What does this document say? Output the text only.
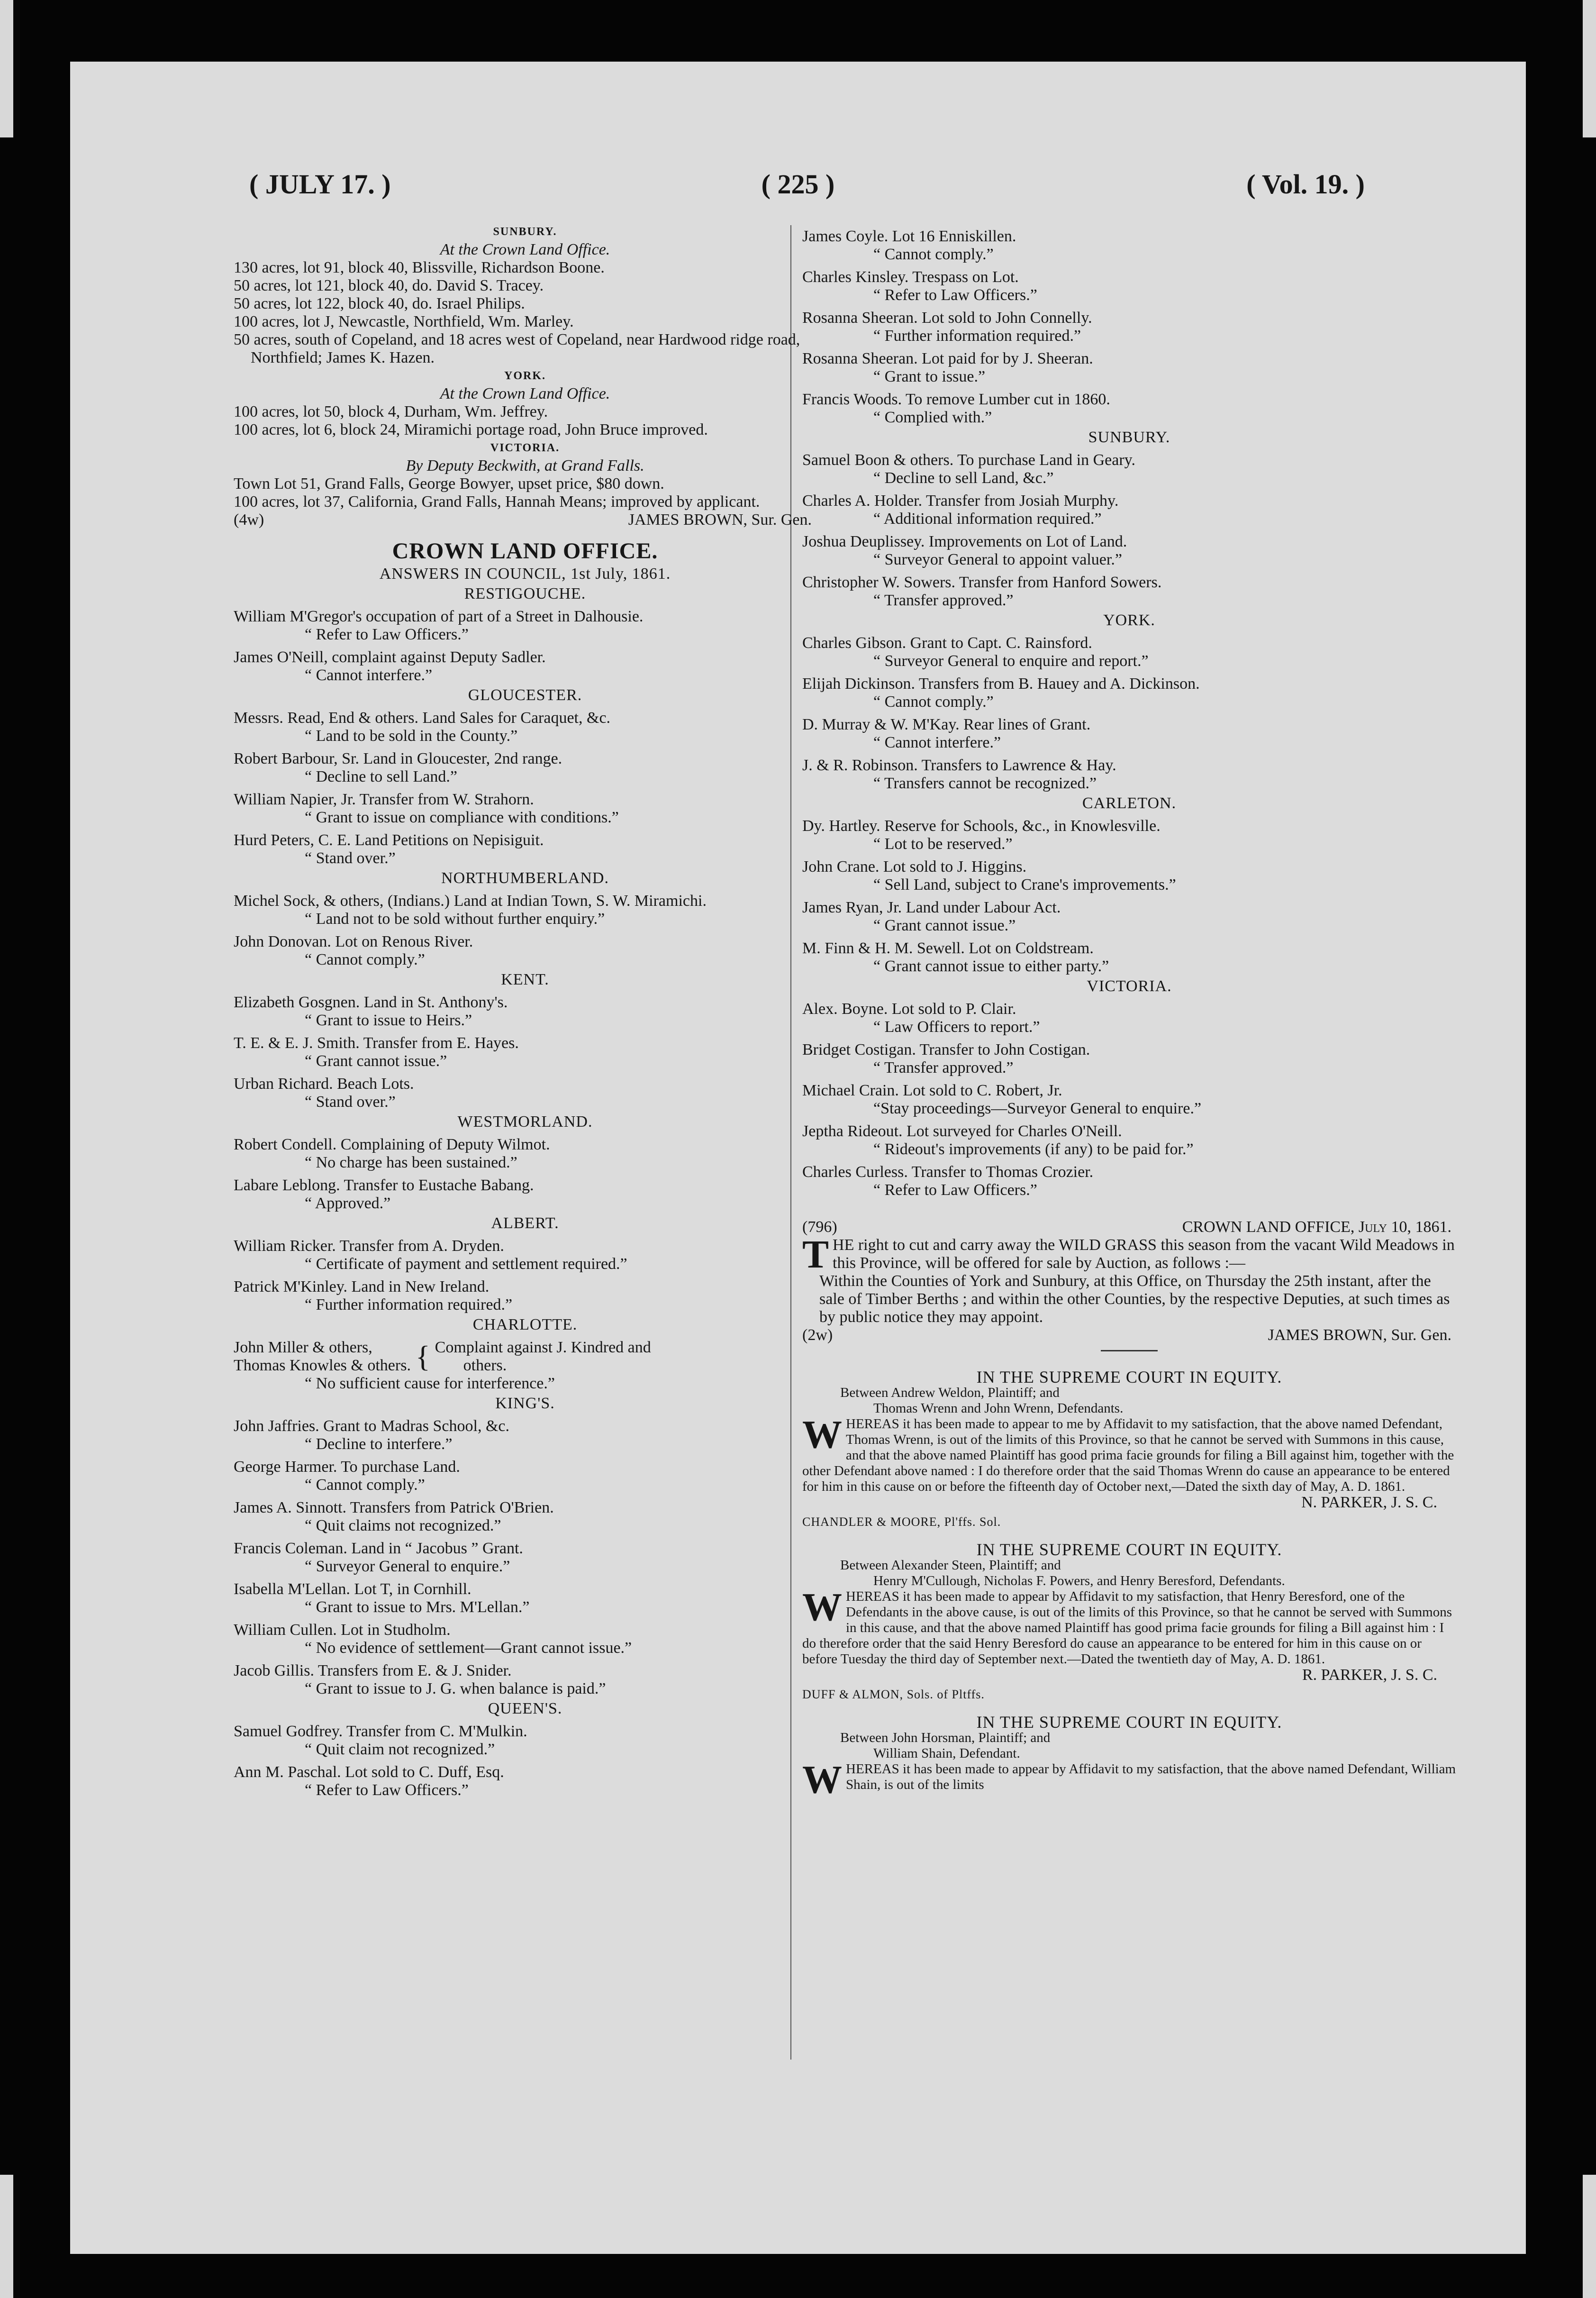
( JULY 17. )	( 225 )	( Vol. 19. )
SUNBURY.
At the Crown Land Office.
130 acres, lot 91, block 40, Blissville, Richardson Boone.
50 acres, lot 121, block 40, do. David S. Tracey.
50 acres, lot 122, block 40, do. Israel Philips.
100 acres, lot J, Newcastle, Northfield, Wm. Marley.
50 acres, south of Copeland, and 18 acres west of Copeland, near Hardwood ridge road, Northfield; James K. Hazen.
YORK.
At the Crown Land Office.
100 acres, lot 50, block 4, Durham, Wm. Jeffrey.
100 acres, lot 6, block 24, Miramichi portage road, John Bruce improved.
VICTORIA.
By Deputy Beckwith, at Grand Falls.
Town Lot 51, Grand Falls, George Bowyer, upset price, $80 down.
100 acres, lot 37, California, Grand Falls, Hannah Means; improved by applicant.
(4w)	JAMES BROWN, Sur. Gen.
CROWN LAND OFFICE.
ANSWERS IN COUNCIL, 1st July, 1861.
RESTIGOUCHE.
William M'Gregor's occupation of part of a Street in Dalhousie.
“ Refer to Law Officers.”
James O'Neill, complaint against Deputy Sadler.
“ Cannot interfere.”
GLOUCESTER.
Messrs. Read, End & others. Land Sales for Caraquet, &c.
“ Land to be sold in the County.”
Robert Barbour, Sr. Land in Gloucester, 2nd range.
“ Decline to sell Land.”
William Napier, Jr. Transfer from W. Strahorn.
“ Grant to issue on compliance with conditions.”
Hurd Peters, C. E. Land Petitions on Nepisiguit.
“ Stand over.”
NORTHUMBERLAND.
Michel Sock, & others, (Indians.) Land at Indian Town, S. W. Miramichi.
“ Land not to be sold without further enquiry.”
John Donovan. Lot on Renous River.
“ Cannot comply.”
KENT.
Elizabeth Gosgnen. Land in St. Anthony's.
“ Grant to issue to Heirs.”
T. E. & E. J. Smith. Transfer from E. Hayes.
“ Grant cannot issue.”
Urban Richard. Beach Lots.
“ Stand over.”
WESTMORLAND.
Robert Condell. Complaining of Deputy Wilmot.
“ No charge has been sustained.”
Labare Leblong. Transfer to Eustache Babang.
“ Approved.”
ALBERT.
William Ricker. Transfer from A. Dryden.
“ Certificate of payment and settlement required.”
Patrick M'Kinley. Land in New Ireland.
“ Further information required.”
CHARLOTTE.
John Miller & others,
Thomas Knowles & others. { Complaint against J. Kindred and
others.
“ No sufficient cause for interference.”
KING'S.
John Jaffries. Grant to Madras School, &c.
“ Decline to interfere.”
George Harmer. To purchase Land.
“ Cannot comply.”
James A. Sinnott. Transfers from Patrick O'Brien.
“ Quit claims not recognized.”
Francis Coleman. Land in “ Jacobus ” Grant.
“ Surveyor General to enquire.”
Isabella M'Lellan. Lot T, in Cornhill.
“ Grant to issue to Mrs. M'Lellan.”
William Cullen. Lot in Studholm.
“ No evidence of settlement—Grant cannot issue.”
Jacob Gillis. Transfers from E. & J. Snider.
“ Grant to issue to J. G. when balance is paid.”
QUEEN'S.
Samuel Godfrey. Transfer from C. M'Mulkin.
“ Quit claim not recognized.”
Ann M. Paschal. Lot sold to C. Duff, Esq.
“ Refer to Law Officers.”
James Coyle. Lot 16 Enniskillen.
“ Cannot comply.”
Charles Kinsley. Trespass on Lot.
“ Refer to Law Officers.”
Rosanna Sheeran. Lot sold to John Connelly.
“ Further information required.”
Rosanna Sheeran. Lot paid for by J. Sheeran.
“ Grant to issue.”
Francis Woods. To remove Lumber cut in 1860.
“ Complied with.”
SUNBURY.
Samuel Boon & others. To purchase Land in Geary.
“ Decline to sell Land, &c.”
Charles A. Holder. Transfer from Josiah Murphy.
“ Additional information required.”
Joshua Deuplissey. Improvements on Lot of Land.
“ Surveyor General to appoint valuer.”
Christopher W. Sowers. Transfer from Hanford Sowers.
“ Transfer approved.”
YORK.
Charles Gibson. Grant to Capt. C. Rainsford.
“ Surveyor General to enquire and report.”
Elijah Dickinson. Transfers from B. Hauey and A. Dickinson.
“ Cannot comply.”
D. Murray & W. M'Kay. Rear lines of Grant.
“ Cannot interfere.”
J. & R. Robinson. Transfers to Lawrence & Hay.
“ Transfers cannot be recognized.”
CARLETON.
Dy. Hartley. Reserve for Schools, &c., in Knowlesville.
“ Lot to be reserved.”
John Crane. Lot sold to J. Higgins.
“ Sell Land, subject to Crane's improvements.”
James Ryan, Jr. Land under Labour Act.
“ Grant cannot issue.”
M. Finn & H. M. Sewell. Lot on Coldstream.
“ Grant cannot issue to either party.”
VICTORIA.
Alex. Boyne. Lot sold to P. Clair.
“ Law Officers to report.”
Bridget Costigan. Transfer to John Costigan.
“ Transfer approved.”
Michael Crain. Lot sold to C. Robert, Jr.
“Stay proceedings—Surveyor General to enquire.”
Jeptha Rideout. Lot surveyed for Charles O'Neill.
“ Rideout's improvements (if any) to be paid for.”
Charles Curless. Transfer to Thomas Crozier.
“ Refer to Law Officers.”
(796)	CROWN LAND OFFICE, July 10, 1861.
T HE right to cut and carry away the WILD GRASS this season from the vacant Wild Meadows in this Province, will be offered for sale by Auction, as follows :—
Within the Counties of York and Sunbury, at this Office, on Thursday the 25th instant, after the sale of Timber Berths ; and within the other Counties, by the respective Deputies, at such times as by public notice they may appoint.
(2w)	JAMES BROWN, Sur. Gen.
IN THE SUPREME COURT IN EQUITY.
Between Andrew Weldon, Plaintiff; and
Thomas Wrenn and John Wrenn, Defendants.
W HEREAS it has been made to appear to me by Affidavit to my satisfaction, that the above named Defendant, Thomas Wrenn, is out of the limits of this Province, so that he cannot be served with Summons in this cause, and that the above named Plaintiff has good prima facie grounds for filing a Bill against him, together with the other Defendant above named : I do therefore order that the said Thomas Wrenn do cause an appearance to be entered for him in this cause on or before the fifteenth day of October next,—Dated the sixth day of May, A. D. 1861.
N. PARKER, J. S. C.
CHANDLER & MOORE, Pl'ffs. Sol.
IN THE SUPREME COURT IN EQUITY.
Between Alexander Steen, Plaintiff; and
Henry M'Cullough, Nicholas F. Powers, and Henry Beresford, Defendants.
W HEREAS it has been made to appear by Affidavit to my satisfaction, that Henry Beresford, one of the Defendants in the above cause, is out of the limits of this Province, so that he cannot be served with Summons in this cause, and that the above named Plaintiff has good prima facie grounds for filing a Bill against him : I do therefore order that the said Henry Beresford do cause an appearance to be entered for him in this cause on or before Tuesday the third day of September next.—Dated the twentieth day of May, A. D. 1861.
R. PARKER, J. S. C.
DUFF & ALMON, Sols. of Pltffs.
IN THE SUPREME COURT IN EQUITY.
Between John Horsman, Plaintiff; and
William Shain, Defendant.
W HEREAS it has been made to appear by Affidavit to my satisfaction, that the above named Defendant, William Shain, is out of the limits
